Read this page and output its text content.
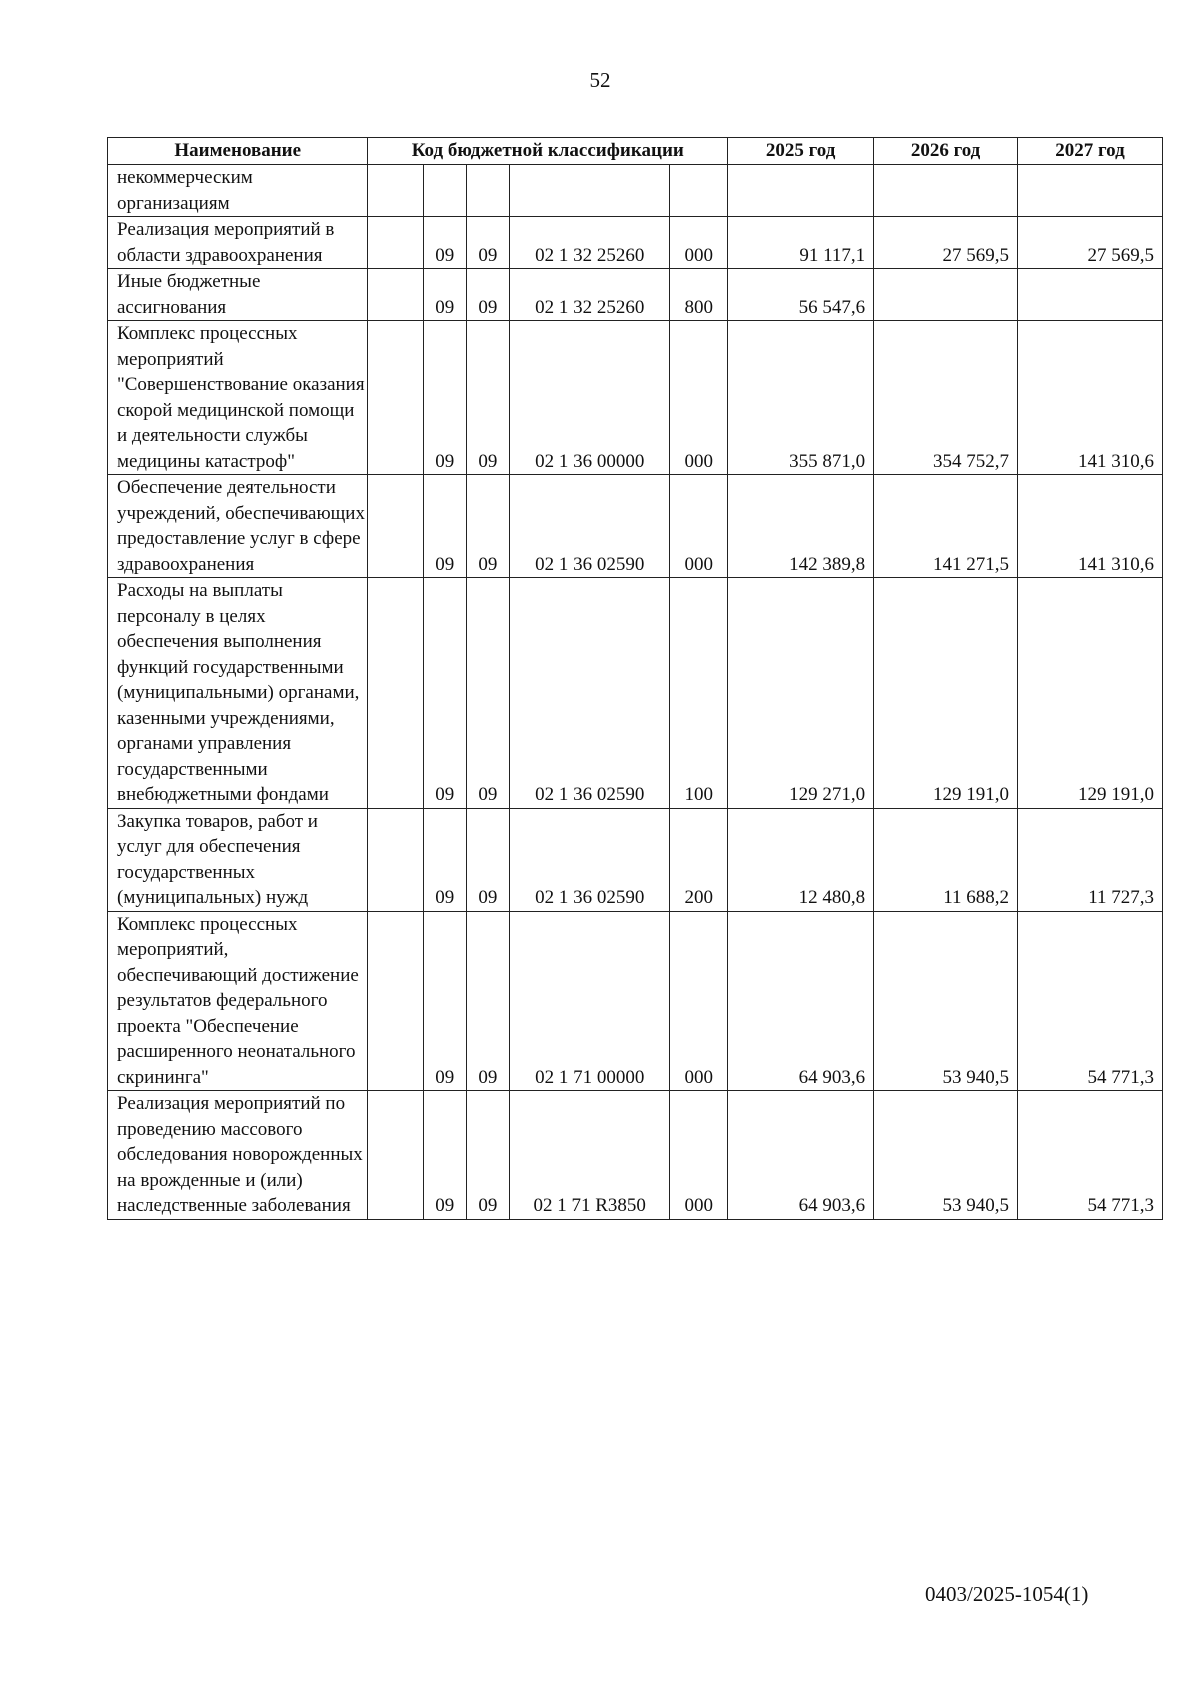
52
Наименование	Код бюджетной классификации					2025 год	2026 год	2027 год
некоммерческим организациям								
Реализация мероприятий в области здравоохранения		09	09	02 1 32 25260	000	91 117,1	27 569,5	27 569,5
Иные бюджетные ассигнования		09	09	02 1 32 25260	800	56 547,6		
Комплекс процессных мероприятий "Совершенствование оказания скорой медицинской помощи и деятельности службы медицины катастроф"		09	09	02 1 36 00000	000	355 871,0	354 752,7	141 310,6
Обеспечение деятельности учреждений, обеспечивающих предоставление услуг в сфере здравоохранения		09	09	02 1 36 02590	000	142 389,8	141 271,5	141 310,6
Расходы на выплаты персоналу в целях обеспечения выполнения функций государственными (муниципальными) органами, казенными учреждениями, органами управления государственными внебюджетными фондами		09	09	02 1 36 02590	100	129 271,0	129 191,0	129 191,0
Закупка товаров, работ и услуг для обеспечения государственных (муниципальных) нужд		09	09	02 1 36 02590	200	12 480,8	11 688,2	11 727,3
Комплекс процессных мероприятий, обеспечивающий достижение результатов федерального проекта "Обеспечение расширенного неонатального скрининга"		09	09	02 1 71 00000	000	64 903,6	53 940,5	54 771,3
Реализация мероприятий по проведению массового обследования новорожденных на врожденные и (или) наследственные заболевания		09	09	02 1 71 R3850	000	64 903,6	53 940,5	54 771,3
0403/2025-1054(1)
